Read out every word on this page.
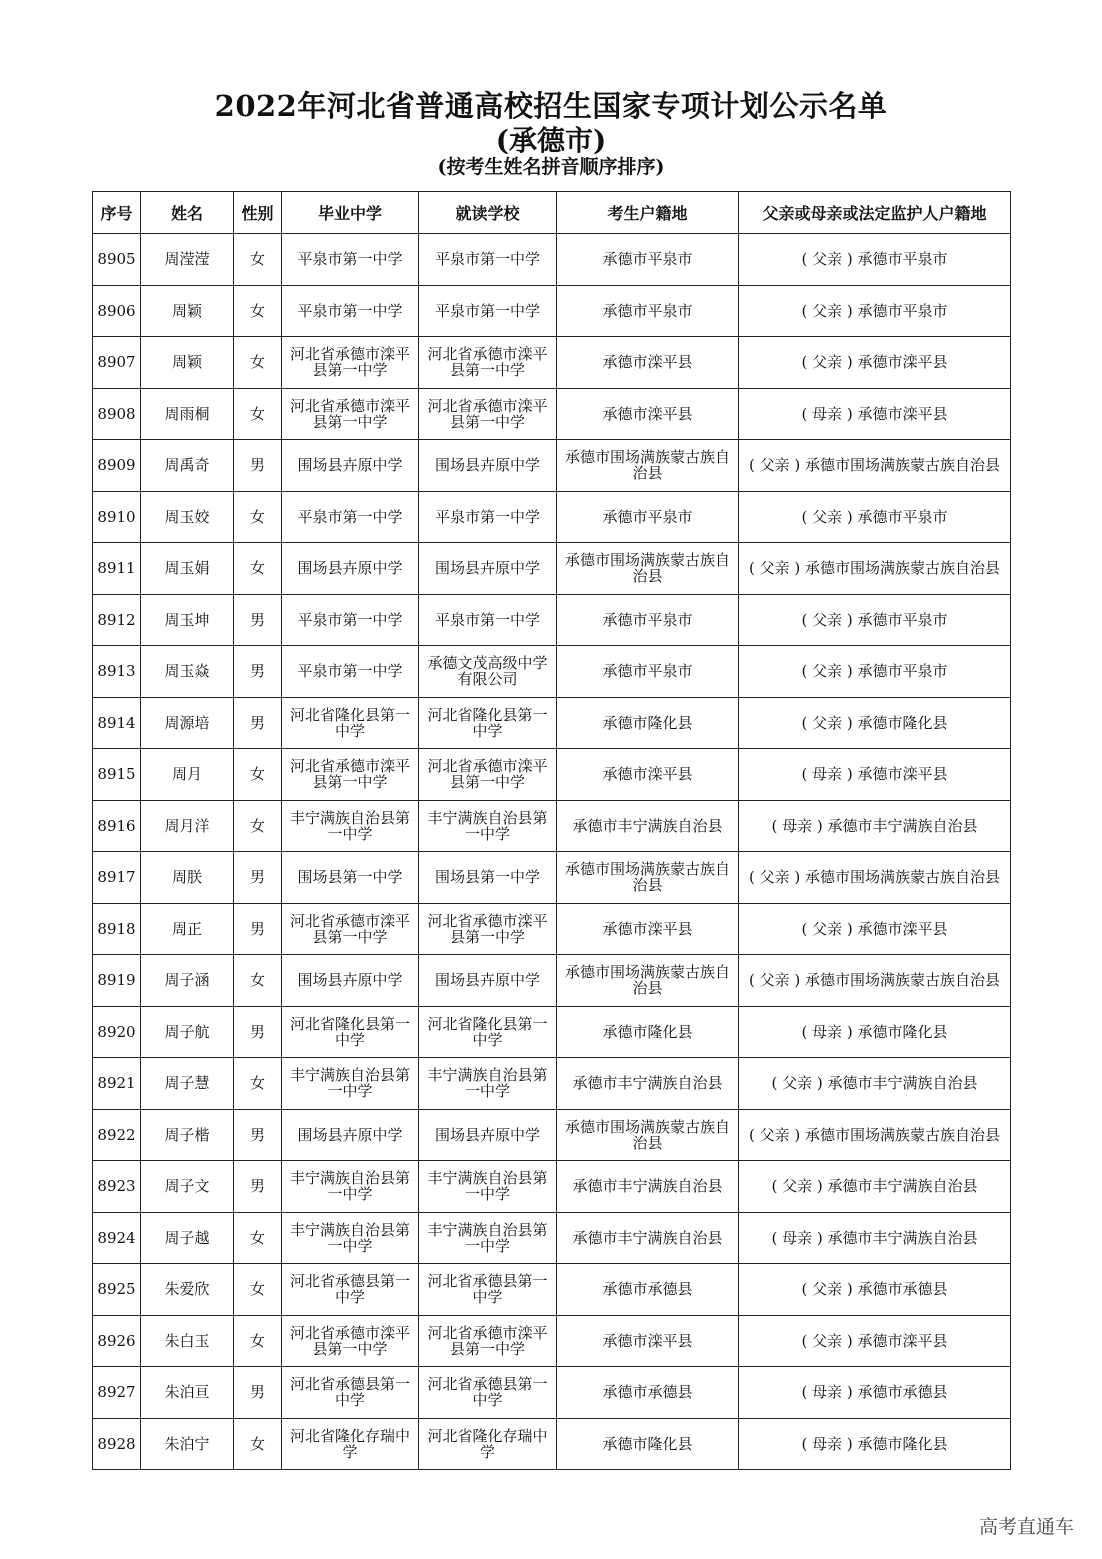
2022年河北省普通高校招生国家专项计划公示名单
(承德市)
(按考生姓名拼音顺序排序)
序号	姓名	性别	毕业中学	就读学校	考生户籍地	父亲或母亲或法定监护人户籍地
8905	周滢滢	女	平泉市第一中学	平泉市第一中学	承德市平泉市	( 父亲 ) 承德市平泉市
8906	周颖	女	平泉市第一中学	平泉市第一中学	承德市平泉市	( 父亲 ) 承德市平泉市
8907	周颖	女	河北省承德市滦平县第一中学	河北省承德市滦平县第一中学	承德市滦平县	( 父亲 ) 承德市滦平县
8908	周雨桐	女	河北省承德市滦平县第一中学	河北省承德市滦平县第一中学	承德市滦平县	( 母亲 ) 承德市滦平县
8909	周禹奇	男	围场县卉原中学	围场县卉原中学	承德市围场满族蒙古族自治县	( 父亲 ) 承德市围场满族蒙古族自治县
8910	周玉姣	女	平泉市第一中学	平泉市第一中学	承德市平泉市	( 父亲 ) 承德市平泉市
8911	周玉娟	女	围场县卉原中学	围场县卉原中学	承德市围场满族蒙古族自治县	( 父亲 ) 承德市围场满族蒙古族自治县
8912	周玉坤	男	平泉市第一中学	平泉市第一中学	承德市平泉市	( 父亲 ) 承德市平泉市
8913	周玉焱	男	平泉市第一中学	承德文茂高级中学有限公司	承德市平泉市	( 父亲 ) 承德市平泉市
8914	周源培	男	河北省隆化县第一中学	河北省隆化县第一中学	承德市隆化县	( 父亲 ) 承德市隆化县
8915	周月	女	河北省承德市滦平县第一中学	河北省承德市滦平县第一中学	承德市滦平县	( 母亲 ) 承德市滦平县
8916	周月洋	女	丰宁满族自治县第一中学	丰宁满族自治县第一中学	承德市丰宁满族自治县	( 母亲 ) 承德市丰宁满族自治县
8917	周朕	男	围场县第一中学	围场县第一中学	承德市围场满族蒙古族自治县	( 父亲 ) 承德市围场满族蒙古族自治县
8918	周正	男	河北省承德市滦平县第一中学	河北省承德市滦平县第一中学	承德市滦平县	( 父亲 ) 承德市滦平县
8919	周子涵	女	围场县卉原中学	围场县卉原中学	承德市围场满族蒙古族自治县	( 父亲 ) 承德市围场满族蒙古族自治县
8920	周子航	男	河北省隆化县第一中学	河北省隆化县第一中学	承德市隆化县	( 母亲 ) 承德市隆化县
8921	周子慧	女	丰宁满族自治县第一中学	丰宁满族自治县第一中学	承德市丰宁满族自治县	( 父亲 ) 承德市丰宁满族自治县
8922	周子楷	男	围场县卉原中学	围场县卉原中学	承德市围场满族蒙古族自治县	( 父亲 ) 承德市围场满族蒙古族自治县
8923	周子文	男	丰宁满族自治县第一中学	丰宁满族自治县第一中学	承德市丰宁满族自治县	( 父亲 ) 承德市丰宁满族自治县
8924	周子越	女	丰宁满族自治县第一中学	丰宁满族自治县第一中学	承德市丰宁满族自治县	( 母亲 ) 承德市丰宁满族自治县
8925	朱爱欣	女	河北省承德县第一中学	河北省承德县第一中学	承德市承德县	( 父亲 ) 承德市承德县
8926	朱白玉	女	河北省承德市滦平县第一中学	河北省承德市滦平县第一中学	承德市滦平县	( 父亲 ) 承德市滦平县
8927	朱泊亘	男	河北省承德县第一中学	河北省承德县第一中学	承德市承德县	( 母亲 ) 承德市承德县
8928	朱泊宁	女	河北省隆化存瑞中学	河北省隆化存瑞中学	承德市隆化县	( 母亲 ) 承德市隆化县
高考直通车
